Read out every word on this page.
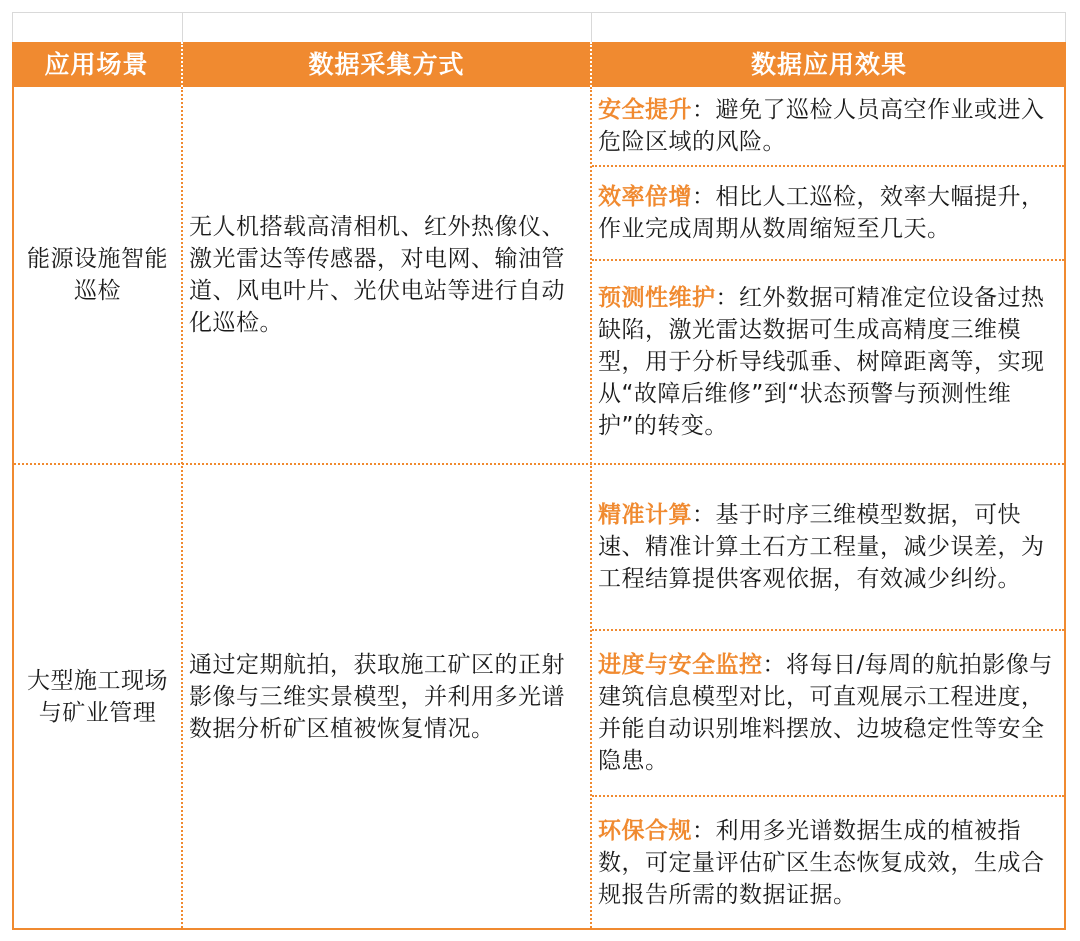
应用场景	数据采集方式	数据应用效果
能源设施智能巡检
无人机搭载高清相机、红外热像仪、激光雷达等传感器，对电网、输油管道、风电叶片、光伏电站等进行自动化巡检。
安全提升：避免了巡检人员高空作业或进入危险区域的风险。
效率倍增：相比人工巡检，效率大幅提升，作业完成周期从数周缩短至几天。
预测性维护：红外数据可精准定位设备过热缺陷，激光雷达数据可生成高精度三维模型，用于分析导线弧垂、树障距离等，实现从“故障后维修”到“状态预警与预测性维护”的转变。
大型施工现场与矿业管理
通过定期航拍，获取施工矿区的正射影像与三维实景模型，并利用多光谱数据分析矿区植被恢复情况。
精准计算：基于时序三维模型数据，可快速、精准计算土石方工程量，减少误差，为工程结算提供客观依据，有效减少纠纷。
进度与安全监控：将每日/每周的航拍影像与建筑信息模型对比，可直观展示工程进度，并能自动识别堆料摆放、边坡稳定性等安全隐患。
环保合规：利用多光谱数据生成的植被指数，可定量评估矿区生态恢复成效，生成合规报告所需的数据证据。
